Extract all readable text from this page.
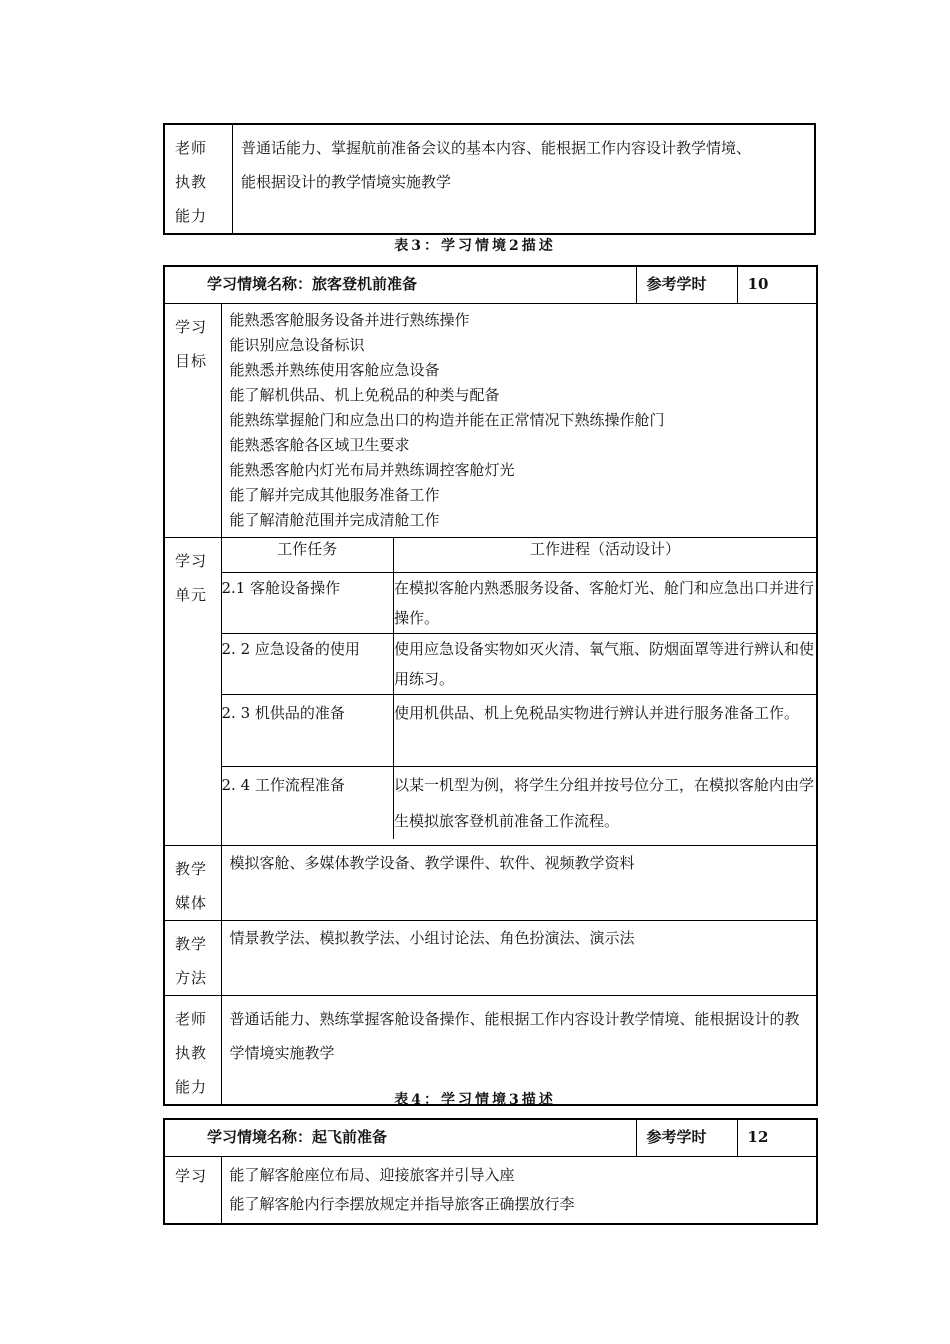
老师
执教
能力

普通话能力、掌握航前准备会议的基本内容、能根据工作内容设计教学情境、
能根据设计的教学情境实施教学
表3：学习情境2描述
学习情境名称：旅客登机前准备	参考学时	10

学习
目标

能熟悉客舱服务设备并进行熟练操作
能识别应急设备标识
能熟悉并熟练使用客舱应急设备
能了解机供品、机上免税品的种类与配备
能熟练掌握舱门和应急出口的构造并能在正常情况下熟练操作舱门
能熟悉客舱各区域卫生要求
能熟悉客舱内灯光布局并熟练调控客舱灯光
能了解并完成其他服务准备工作
能了解清舱范围并完成清舱工作

学习
单元

工作任务	工作进程（活动设计）
2.1 客舱设备操作	在模拟客舱内熟悉服务设备、客舱灯光、舱门和应急出口并进行操作。
2. 2 应急设备的使用	使用应急设备实物如灭火清、氧气瓶、防烟面罩等进行辨认和使用练习。
2. 3 机供品的准备	使用机供品、机上免税品实物进行辨认并进行服务准备工作。
2. 4 工作流程准备	以某一机型为例，将学生分组并按号位分工，在模拟客舱内由学生模拟旅客登机前准备工作流程。

教学
媒体
	模拟客舱、多媒体教学设备、教学课件、软件、视频教学资料

教学
方法
	情景教学法、模拟教学法、小组讨论法、角色扮演法、演示法

老师
执教
能力
	普通话能力、熟练掌握客舱设备操作、能根据工作内容设计教学情境、能根据设计的教学情境实施教学
表4：学习情境3描述
学习情境名称：起飞前准备		参考学时	12

学习	能了解客舱座位布局、迎接旅客并引导入座
能了解客舱内行李摆放规定并指导旅客正确摆放行李		
